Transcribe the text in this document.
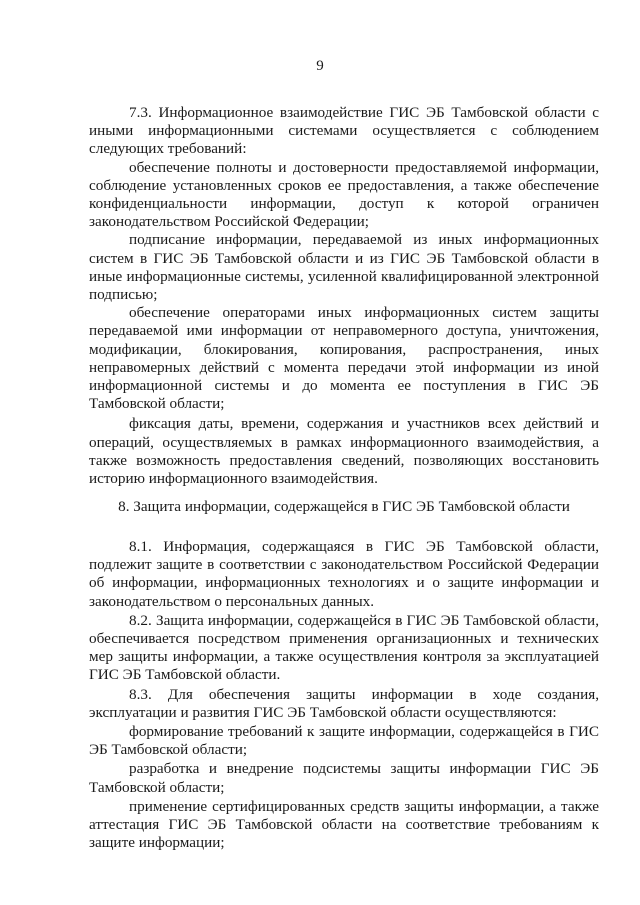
9

7.3. Информационное взаимодействие ГИС ЭБ Тамбовской области с иными информационными системами осуществляется с соблюдением следующих требований:

обеспечение полноты и достоверности предоставляемой информации, соблюдение установленных сроков ее предоставления, а также обеспечение конфиденциальности информации, доступ к которой ограничен законодательством Российской Федерации;

подписание информации, передаваемой из иных информационных систем в ГИС ЭБ Тамбовской области и из ГИС ЭБ Тамбовской области в иные информационные системы, усиленной квалифицированной электронной подписью;

обеспечение операторами иных информационных систем защиты передаваемой ими информации от неправомерного доступа, уничтожения, модификации, блокирования, копирования, распространения, иных неправомерных действий с момента передачи этой информации из иной информационной системы и до момента ее поступления в ГИС ЭБ Тамбовской области;

фиксация даты, времени, содержания и участников всех действий и операций, осуществляемых в рамках информационного взаимодействия, а также возможность предоставления сведений, позволяющих восстановить историю информационного взаимодействия.

8. Защита информации, содержащейся в ГИС ЭБ Тамбовской области

8.1. Информация, содержащаяся в ГИС ЭБ Тамбовской области, подлежит защите в соответствии с законодательством Российской Федерации об информации, информационных технологиях и о защите информации и законодательством о персональных данных.

8.2. Защита информации, содержащейся в ГИС ЭБ Тамбовской области, обеспечивается посредством применения организационных и технических мер защиты информации, а также осуществления контроля за эксплуатацией ГИС ЭБ Тамбовской области.

8.3. Для обеспечения защиты информации в ходе создания, эксплуатации и развития ГИС ЭБ Тамбовской области осуществляются:

формирование требований к защите информации, содержащейся в ГИС ЭБ Тамбовской области;

разработка и внедрение подсистемы защиты информации ГИС ЭБ Тамбовской области;

применение сертифицированных средств защиты информации, а также аттестация ГИС ЭБ Тамбовской области на соответствие требованиям к защите информации;
